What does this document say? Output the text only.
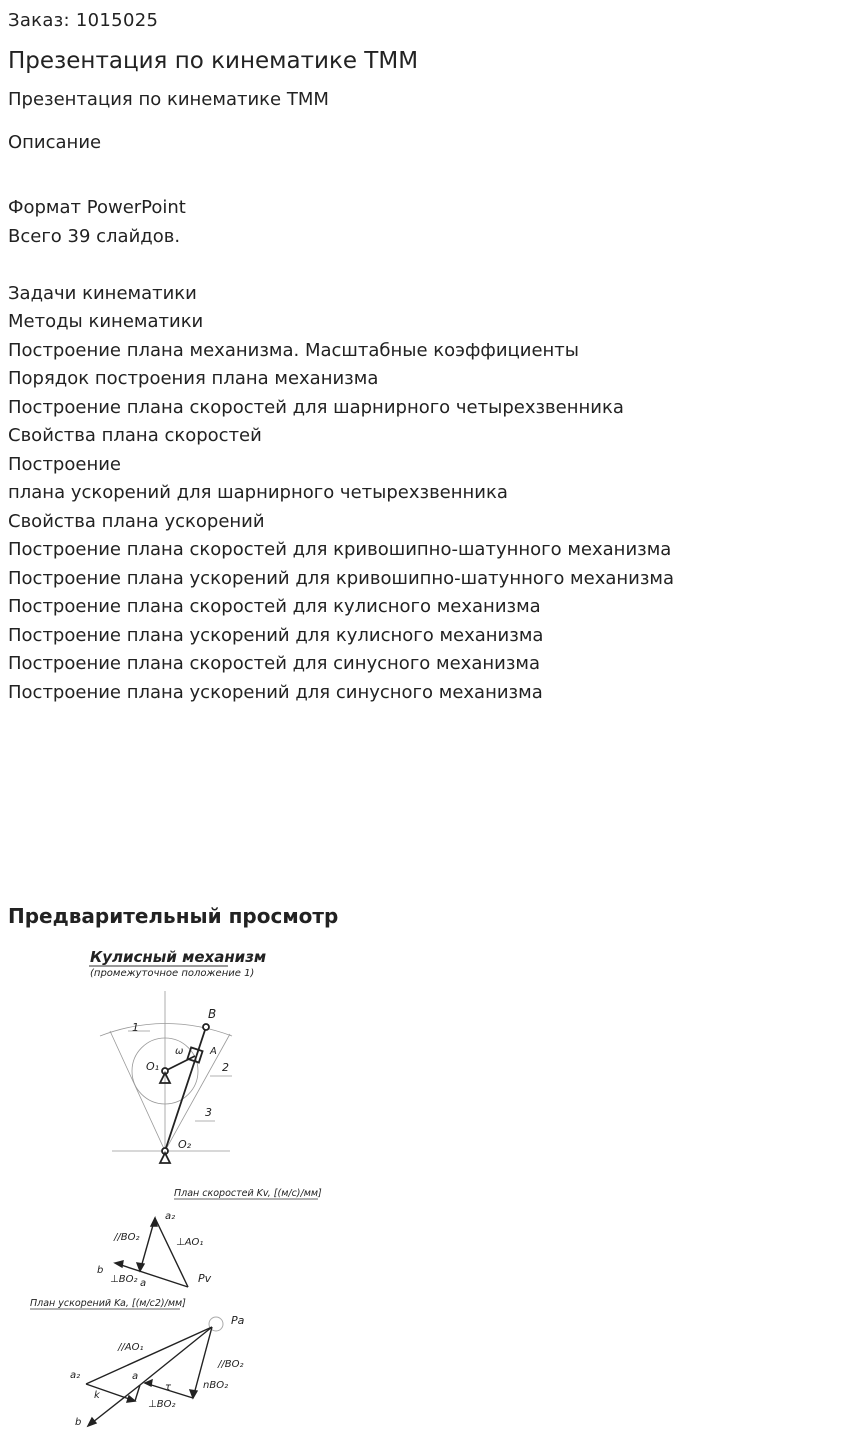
Заказ: 1015025
Презентация по кинематике ТММ
Презентация по кинематике ТММ
Описание
Формат PowerPoint
Всего 39 слайдов.
Задачи кинематики
Методы кинематики
Построение плана механизма. Масштабные коэффициенты
Порядок построения плана механизма
Построение плана скоростей для шарнирного четырехзвенника
Свойства плана скоростей
Построение
плана ускорений для шарнирного четырехзвенника
Свойства плана ускорений
Построение плана скоростей для кривошипно-шатунного механизма
Построение плана ускорений для кривошипно-шатунного механизма
Построение плана скоростей для кулисного механизма
Построение плана ускорений для кулисного механизма
Построение плана скоростей для синусного механизма
Построение плана ускорений для синусного механизма
Предварительный просмотр
Кулисный механизм
(промежуточное положение 1)
B
A
O₁
O₂
ω
1
2
3
План скоростей Kv, [(м/с)/мм]
a₂
//BO₂	⊥AO₁
b
⊥BO₂ a	Pv
План ускорений Ka, [(м/с2)/мм]
Pa
//AO₁
//BO₂
a₂
k
a
τ
⊥BO₂
nBO₂
b
